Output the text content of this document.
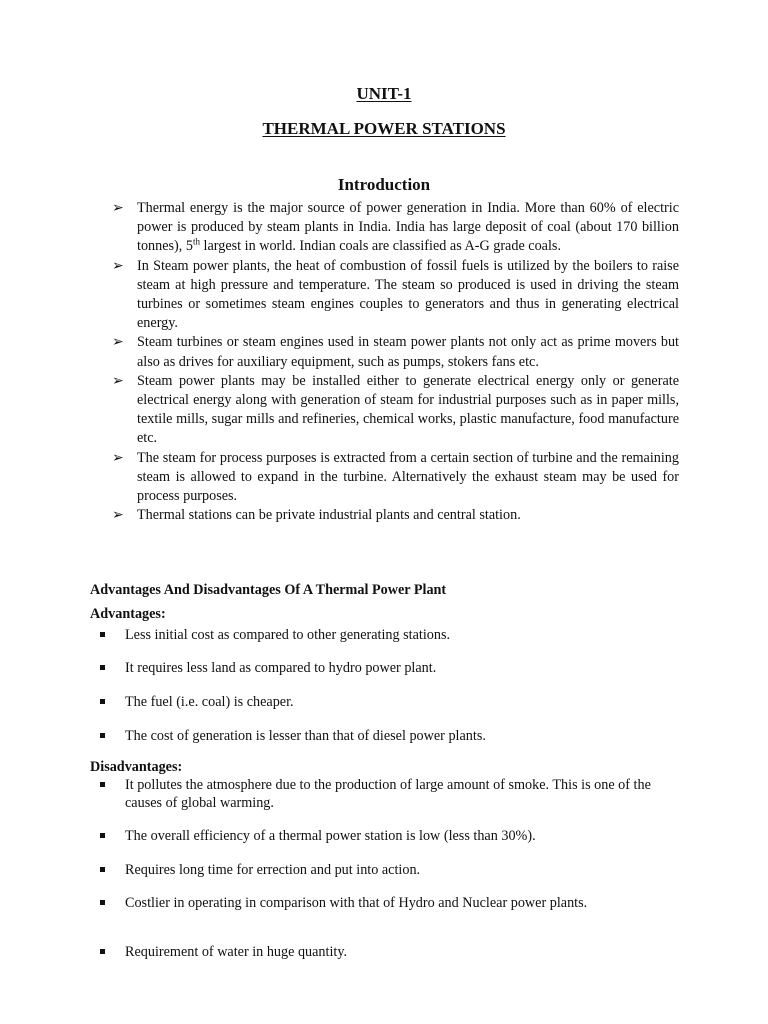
UNIT-1
THERMAL POWER STATIONS
Introduction
➢ Thermal energy is the major source of power generation in India. More than 60% of electric power is produced by steam plants in India. India has large deposit of coal (about 170 billion tonnes), 5th largest in world. Indian coals are classified as A-G grade coals.
➢ In Steam power plants, the heat of combustion of fossil fuels is utilized by the boilers to raise steam at high pressure and temperature. The steam so produced is used in driving the steam turbines or sometimes steam engines couples to generators and thus in generating electrical energy.
➢ Steam turbines or steam engines used in steam power plants not only act as prime movers but also as drives for auxiliary equipment, such as pumps, stokers fans etc.
➢ Steam power plants may be installed either to generate electrical energy only or generate electrical energy along with generation of steam for industrial purposes such as in paper mills, textile mills, sugar mills and refineries, chemical works, plastic manufacture, food manufacture etc.
➢ The steam for process purposes is extracted from a certain section of turbine and the remaining steam is allowed to expand in the turbine. Alternatively the exhaust steam may be used for process purposes.
➢ Thermal stations can be private industrial plants and central station.
Advantages And Disadvantages Of A Thermal Power Plant
Advantages:
Less initial cost as compared to other generating stations.
It requires less land as compared to hydro power plant.
The fuel (i.e. coal) is cheaper.
The cost of generation is lesser than that of diesel power plants.
Disadvantages:
It pollutes the atmosphere due to the production of large amount of smoke. This is one of the causes of global warming.
The overall efficiency of a thermal power station is low (less than 30%).
Requires long time for errection and put into action.
Costlier in operating in comparison with that of Hydro and Nuclear power plants.
Requirement of water in huge quantity.
